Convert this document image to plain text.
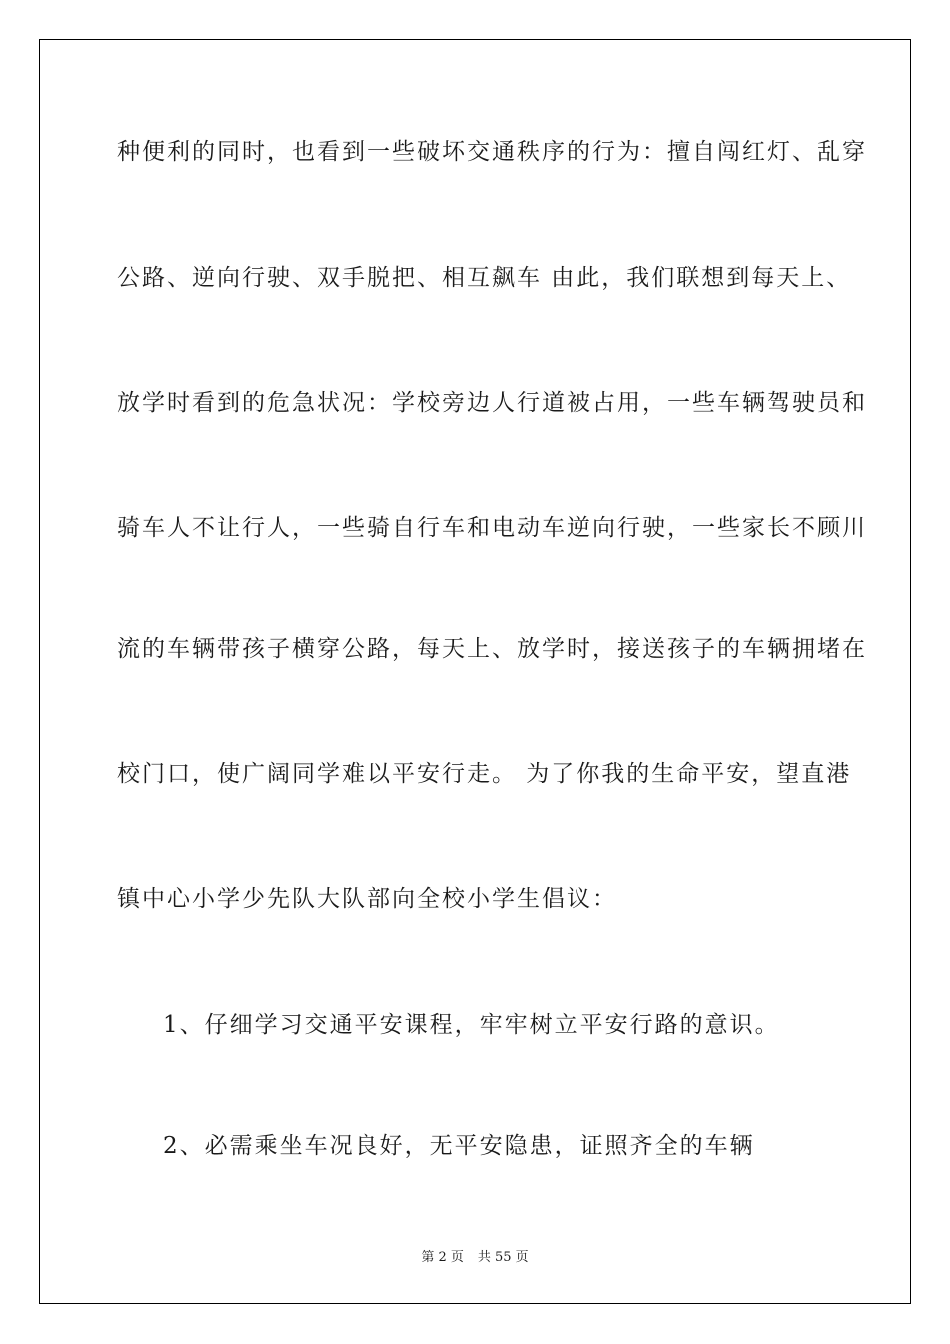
种便利的同时，也看到一些破坏交通秩序的行为：擅自闯红灯、乱穿
公路、逆向行驶、双手脱把、相互飙车 由此，我们联想到每天上、
放学时看到的危急状况：学校旁边人行道被占用，一些车辆驾驶员和
骑车人不让行人，一些骑自行车和电动车逆向行驶，一些家长不顾川
流的车辆带孩子横穿公路，每天上、放学时，接送孩子的车辆拥堵在
校门口，使广阔同学难以平安行走。 为了你我的生命平安，望直港
镇中心小学少先队大队部向全校小学生倡议：
1、仔细学习交通平安课程，牢牢树立平安行路的意识。
2、必需乘坐车况良好，无平安隐患，证照齐全的车辆
第 2 页 共 55 页
